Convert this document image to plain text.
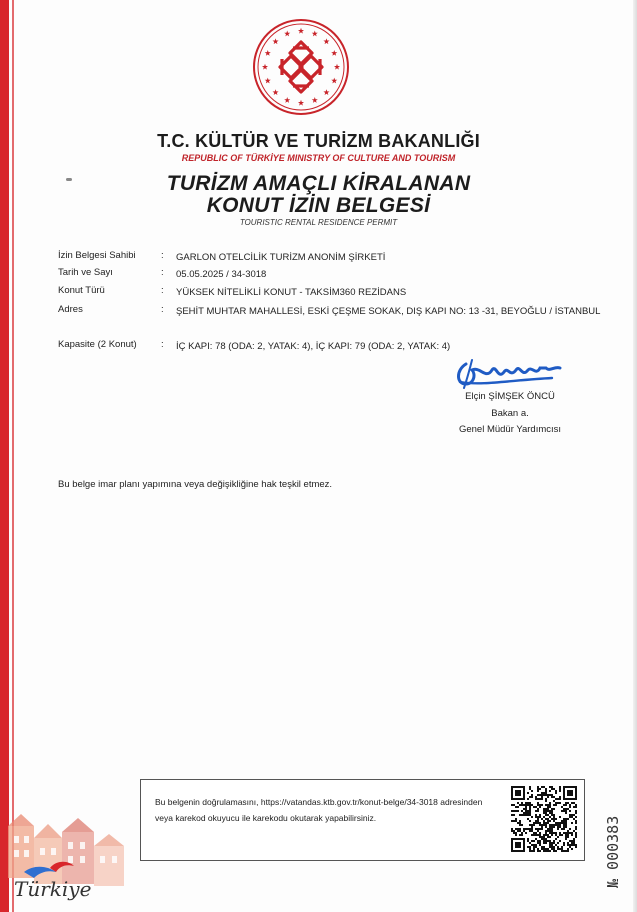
T.C. KÜLTÜR VE TURİZM BAKANLIĞI
REPUBLIC OF TÜRKİYE MINISTRY OF CULTURE AND TOURISM
TURİZM AMAÇLI KİRALANAN
KONUT İZİN BELGESİ
TOURISTIC RENTAL RESIDENCE PERMIT
İzin Belgesi Sahibi	: GARLON OTELCİLİK TURİZM ANONİM ŞİRKETİ
Tarih ve Sayı	: 05.05.2025 / 34-3018
Konut Türü	: YÜKSEK NİTELİKLİ KONUT - TAKSİM360 REZİDANS
Adres	: ŞEHİT MUHTAR MAHALLESİ, ESKİ ÇEŞME SOKAK, DIŞ KAPI NO: 13 -31, BEYOĞLU / İSTANBUL
Kapasite (2 Konut)	: İÇ KAPI: 78 (ODA: 2, YATAK: 4), İÇ KAPI: 79 (ODA: 2, YATAK: 4)
Elçin ŞİMŞEK ÖNCÜ
Bakan a.
Genel Müdür Yardımcısı
Bu belge imar planı yapımına veya değişikliğine hak teşkil etmez.
Bu belgenin doğrulamasını, https://vatandas.ktb.gov.tr/konut-belge/34-3018 adresinden veya karekod okuyucu ile karekodu okutarak yapabilirsiniz.	№ 000383
Türkiye
